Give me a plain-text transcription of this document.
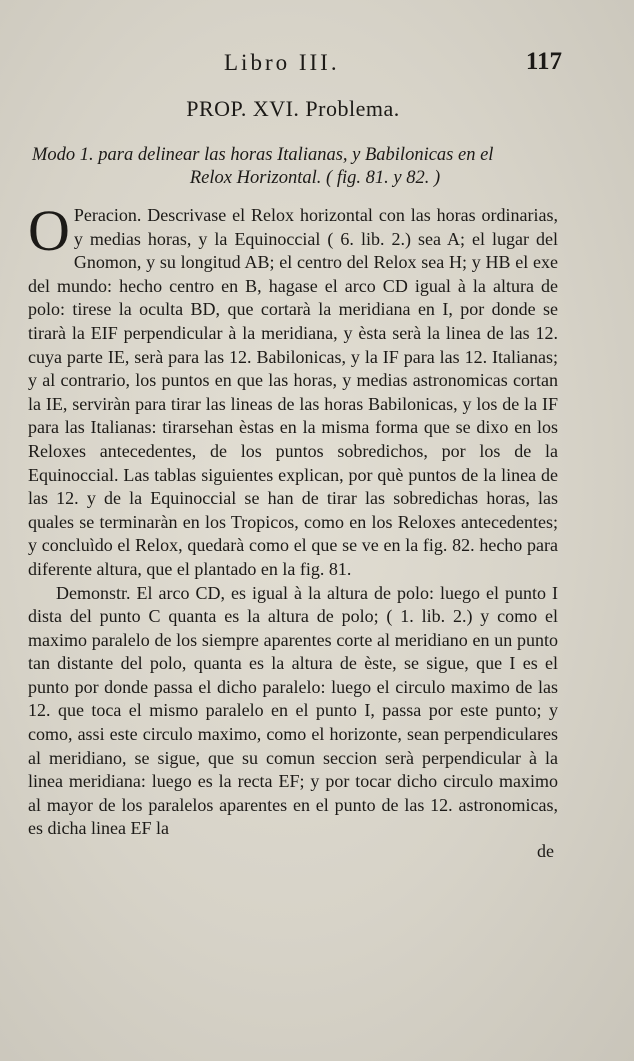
Libro III.	117
PROP. XVI. Problema.
Modo 1. para delinear las horas Italianas, y Babilonicas en el
Relox Horizontal. ( fig. 81. y 82. )

O Peracion. Descrivase el Relox horizontal con las horas ordinarias, y medias horas, y la Equinoccial ( 6. lib. 2.) sea A; el lugar del Gnomon, y su longitud AB; el centro del Relox sea H; y HB el exe del mundo: hecho centro en B, hagase el arco CD igual à la altura de polo: tirese la oculta BD, que cortarà la meridiana en I, por donde se tirarà la EIF perpendicular à la meridiana, y èsta serà la linea de las 12. cuya parte IE, serà para las 12. Babilonicas, y la IF para las 12. Italianas; y al contrario, los puntos en que las horas, y medias astronomicas cortan la IE, serviràn para tirar las lineas de las horas Babilonicas, y los de la IF para las Italianas: tirarsehan èstas en la misma forma que se dixo en los Reloxes antecedentes, de los puntos sobredichos, por los de la Equinoccial. Las tablas siguientes explican, por què puntos de la linea de las 12. y de la Equinoccial se han de tirar las sobredichas horas, las quales se terminaràn en los Tropicos, como en los Reloxes antecedentes; y concluìdo el Relox, quedarà como el que se ve en la fig. 82. hecho para diferente altura, que el plantado en la fig. 81.

Demonstr. El arco CD, es igual à la altura de polo: luego el punto I dista del punto C quanta es la altura de polo; ( 1. lib. 2.) y como el maximo paralelo de los siempre aparentes corte al meridiano en un punto tan distante del polo, quanta es la altura de èste, se sigue, que I es el punto por donde passa el dicho paralelo: luego el circulo maximo de las 12. que toca el mismo paralelo en el punto I, passa por este punto; y como, assi este circulo maximo, como el horizonte, sean perpendiculares al meridiano, se sigue, que su comun seccion serà perpendicular à la linea meridiana: luego es la recta EF; y por tocar dicho circulo maximo al mayor de los paralelos aparentes en el punto de las 12. astronomicas, es dicha linea EF la

de
